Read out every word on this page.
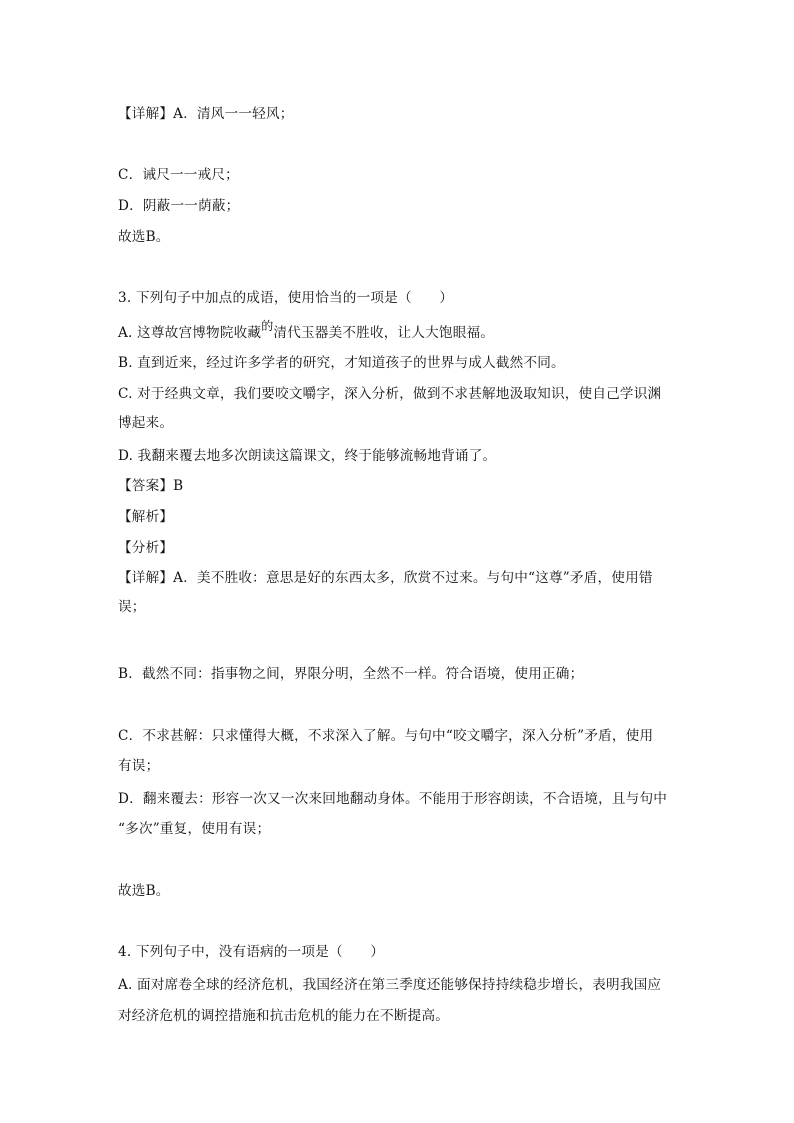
【详解】A．清风一一轻风；
C．诫尺一一戒尺；
D．阴蔽一一荫蔽；
故选B。
3. 下列句子中加点的成语，使用恰当的一项是（　　）
A. 这尊故宫博物院收藏的清代玉器美不胜收，让人大饱眼福。
B. 直到近来，经过许多学者的研究，才知道孩子的世界与成人截然不同。
C. 对于经典文章，我们要咬文嚼字，深入分析，做到不求甚解地汲取知识，使自己学识渊
博起来。
D. 我翻来覆去地多次朗读这篇课文，终于能够流畅地背诵了。
【答案】B
【解析】
【分析】
【详解】A．美不胜收：意思是好的东西太多，欣赏不过来。与句中“这尊”矛盾，使用错
误；
B．截然不同：指事物之间，界限分明，全然不一样。符合语境，使用正确；
C．不求甚解：只求懂得大概，不求深入了解。与句中“咬文嚼字，深入分析”矛盾，使用
有误；
D．翻来覆去：形容一次又一次来回地翻动身体。不能用于形容朗读，不合语境，且与句中
“多次”重复，使用有误；
故选B。
4. 下列句子中，没有语病的一项是（　　）
A. 面对席卷全球的经济危机，我国经济在第三季度还能够保持持续稳步增长，表明我国应
对经济危机的调控措施和抗击危机的能力在不断提高。
